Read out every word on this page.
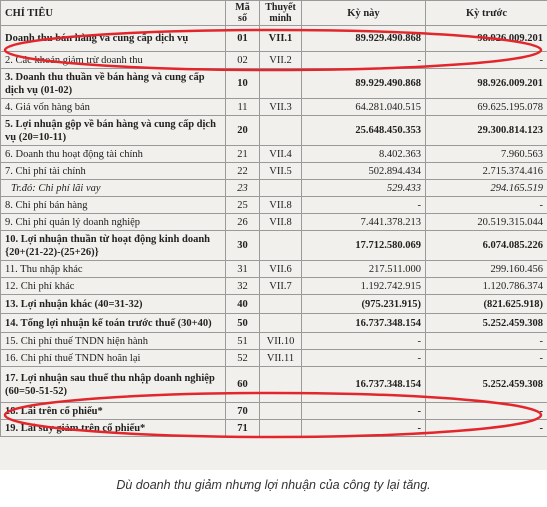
CHỈ TIÊU	Mã số	Thuyết minh	Kỳ này	Kỳ trước
Doanh thu bán hàng và cung cấp dịch vụ	01	VII.1	89.929.490.868	98.926.009.201
2. Các khoản giảm trừ doanh thu	02	VII.2	-	-
3. Doanh thu thuần về bán hàng và cung cấp dịch vụ (01-02)	10		89.929.490.868	98.926.009.201
4. Giá vốn hàng bán	11	VII.3	64.281.040.515	69.625.195.078
5. Lợi nhuận gộp về bán hàng và cung cấp dịch vụ (20=10-11)	20		25.648.450.353	29.300.814.123
6. Doanh thu hoạt động tài chính	21	VII.4	8.402.363	7.960.563
7. Chi phí tài chính	22	VII.5	502.894.434	2.715.374.416
Tr.đó: Chi phí lãi vay	23		529.433	294.165.519
8. Chi phí bán hàng	25	VII.8	-	-
9. Chi phí quản lý doanh nghiệp	26	VII.8	7.441.378.213	20.519.315.044
10. Lợi nhuận thuần từ hoạt động kinh doanh {20+(21-22)-(25+26)}	30		17.712.580.069	6.074.085.226
11. Thu nhập khác	31	VII.6	217.511.000	299.160.456
12. Chi phí khác	32	VII.7	1.192.742.915	1.120.786.374
13. Lợi nhuận khác (40=31-32)	40		(975.231.915)	(821.625.918)
14. Tổng lợi nhuận kế toán trước thuế (30+40)	50		16.737.348.154	5.252.459.308
15. Chi phí thuế TNDN hiện hành	51	VII.10	-	-
16. Chi phí thuế TNDN hoãn lại	52	VII.11	-	-
17. Lợi nhuận sau thuế thu nhập doanh nghiệp (60=50-51-52)	60		16.737.348.154	5.252.459.308
18. Lãi trên cổ phiếu*	70		-	-
19. Lãi suy giảm trên cổ phiếu*	71		-	-
Dù doanh thu giảm nhưng lợi nhuận của công ty lại tăng.
